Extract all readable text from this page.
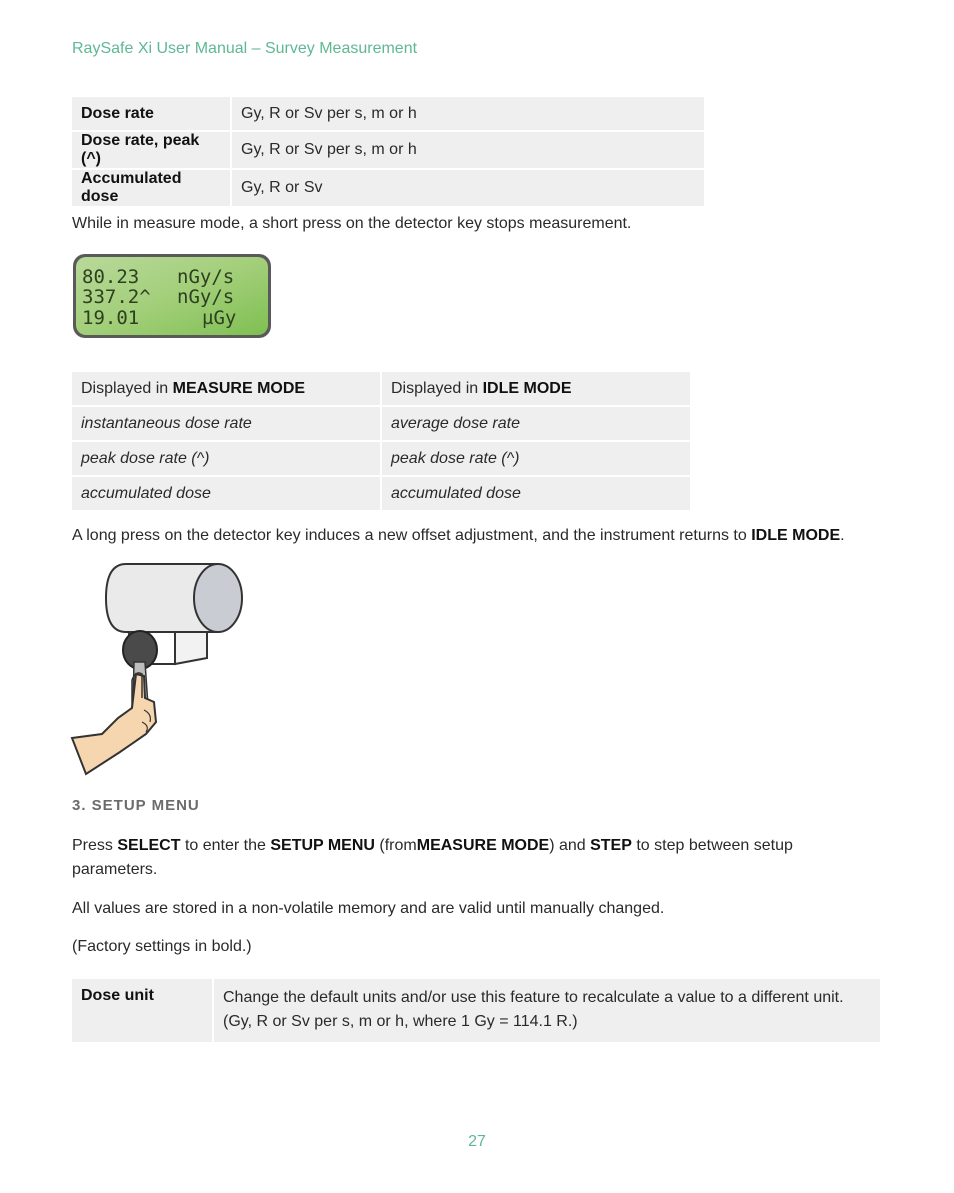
RaySafe Xi User Manual – Survey Measurement
Dose rate	Gy, R or Sv per s, m or h
Dose rate, peak (^)	Gy, R or Sv per s, m or h
Accumulated dose	Gy, R or Sv
While in measure mode, a short press on the detector key stops measurement.
80.23 nGy/s
337.2^ nGy/s
19.01	µGy
Displayed in MEASURE MODE	Displayed in IDLE MODE
instantaneous dose rate	average dose rate
peak dose rate (^)	peak dose rate (^)
accumulated dose	accumulated dose
A long press on the detector key induces a new offset adjustment, and the instrument returns to IDLE MODE.
3. SETUP MENU
Press SELECT to enter the SETUP MENU (fromMEASURE MODE) and STEP to step between setup
parameters.
All values are stored in a non-volatile memory and are valid until manually changed.
(Factory settings in bold.)
Dose unit	Change the default units and/or use this feature to recalculate a value to a different unit.
(Gy, R or Sv per s, m or h, where 1 Gy = 114.1 R.)
27
